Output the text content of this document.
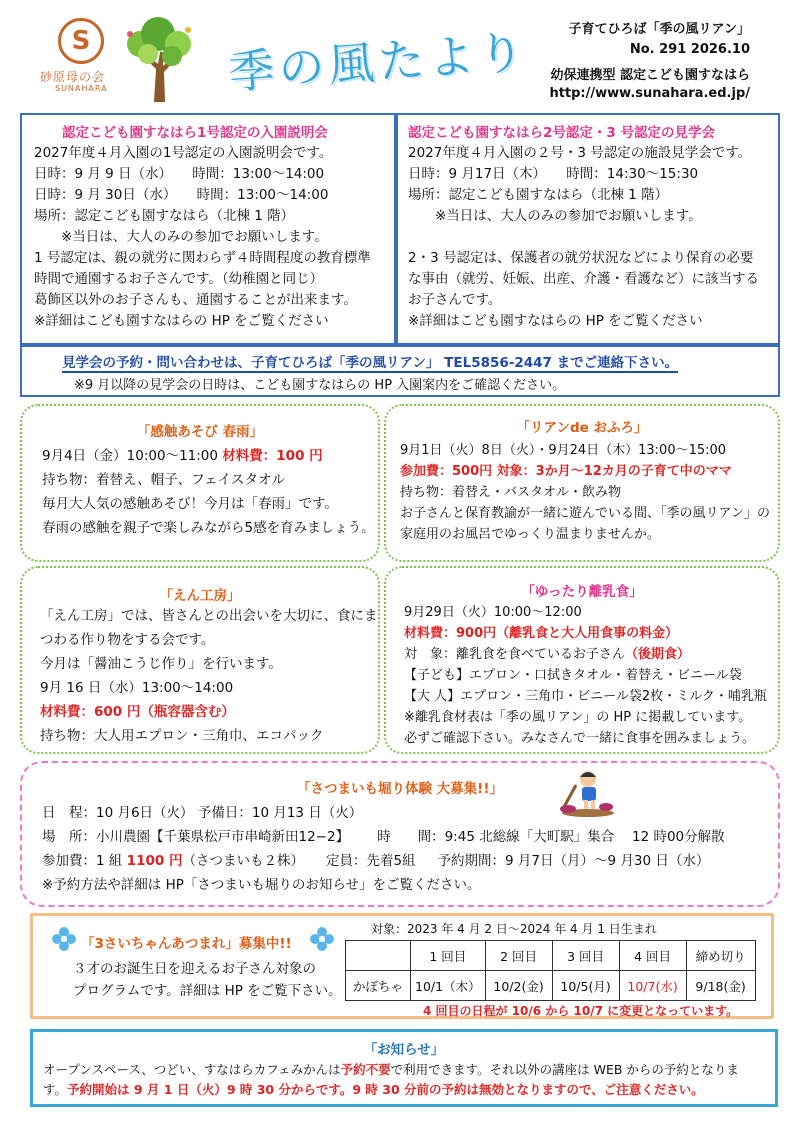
S
砂原母の会
SUNAHARA	季の風たより	子育てひろば「季の風リアン」
No. 291 2026.10
幼保連携型 認定こども園すなはら
http://www.sunahara.ed.jp/
認定こども園すなはら1号認定の入園説明会
2027年度４月入園の1号認定の入園説明会です。
日時：9 月 9 日（水）　　時間：13:00～14:00
日時：9 月 30日（水）　　時間：13:00～14:00
場所：認定こども園すなはら（北棟 1 階）
　　※当日は、大人のみの参加でお願いします。
1 号認定は、親の就労に関わらず４時間程度の教育標準
時間で通園するお子さんです。（幼稚園と同じ）
葛飾区以外のお子さんも、通園することが出来ます。
※詳細はこども園すなはらの HP をご覧ください
認定こども園すなはら2号認定・3 号認定の見学会
2027年度４月入園の２号・3 号認定の施設見学会です。
日時：9 月17日（木）　　時間：14:30～15:30
場所：認定こども園すなはら（北棟 1 階）
　　※当日は、大人のみの参加でお願いします。

2・3 号認定は、保護者の就労状況などにより保育の必要
な事由（就労、妊娠、出産、介護・看護など）に該当する
お子さんです。
※詳細はこども園すなはらの HP をご覧ください
見学会の予約・問い合わせは、子育てひろば「季の風リアン」 TEL5856-2447 までご連絡下さい。
※9 月以降の見学会の日時は、こども園すなはらの HP 入園案内をご確認ください。
「感触あそび 春雨」
9月4日（金）10:00～11:00 材料費：100 円
持ち物：着替え、帽子、フェイスタオル
毎月大人気の感触あそび！今月は「春雨」です。
春雨の感触を親子で楽しみながら5感を育みましょう。
「リアンde おふろ」
9月1日（火）8日（火）・9月24日（木）13:00～15:00
参加費：500円 対象：3か月～12カ月の子育て中のママ
持ち物：着替え・バスタオル・飲み物
お子さんと保育教諭が一緒に遊んでいる間、「季の風リアン」の
家庭用のお風呂でゆっくり温まりませんか。
「えん工房」
「えん工房」では、皆さんとの出会いを大切に、食にま
つわる作り物をする会です。
今月は「醤油こうじ作り」を行います。
9月 16 日（水）13:00～14:00
材料費：600 円（瓶容器含む）
持ち物：大人用エプロン・三角巾、エコパック
「ゆったり離乳食」
9月29日（火）10:00～12:00
材料費：900円（離乳食と大人用食事の料金）
対　象：離乳食を食べているお子さん（後期食）
【子ども】エプロン・口拭きタオル・着替え・ビニール袋
【大 人】エプロン・三角巾・ビニール袋2枚・ミルク・哺乳瓶
※離乳食材表は「季の風リアン」の HP に掲載しています。
必ずご確認下さい。みなさんで一緒に食事を囲みましょう。
「さつまいも堀り体験 大募集!!」
日　程：10 月6日（火） 予備日：10 月13 日（火）
場　所：小川農園【千葉県松戸市串崎新田12−2】 時　　間：9:45 北総線「大町駅」集合　 12 時00分解散
参加費：1 組 1100 円（さつまいも２株） 定員：先着5組 予約期間：9 月7日（月）～9 月30 日（水）
※予約方法や詳細は HP「さつまいも堀りのお知らせ」をご覧ください。
「3さいちゃんあつまれ」募集中!!
３才のお誕生日を迎えるお子さん対象の
プログラムです。詳細は HP をご覧下さい。
対象：2023 年 4 月 2 日～2024 年 4 月 1 日生まれ
	1 回目	2 回目	3 回目	4 回目	締め切り
かぼちゃ	10/1（木）	10/2(金)	10/5(月)	10/7(水)	9/18(金)
4 回目の日程が 10/6 から 10/7 に変更となっています。
「お知らせ」
オープンスペース、つどい、すなはらカフェみかんは予約不要で利用できます。それ以外の講座は WEB からの予約となりま
す。予約開始は 9 月 1 日（火）9 時 30 分からです。9 時 30 分前の予約は無効となりますので、ご注意ください。
